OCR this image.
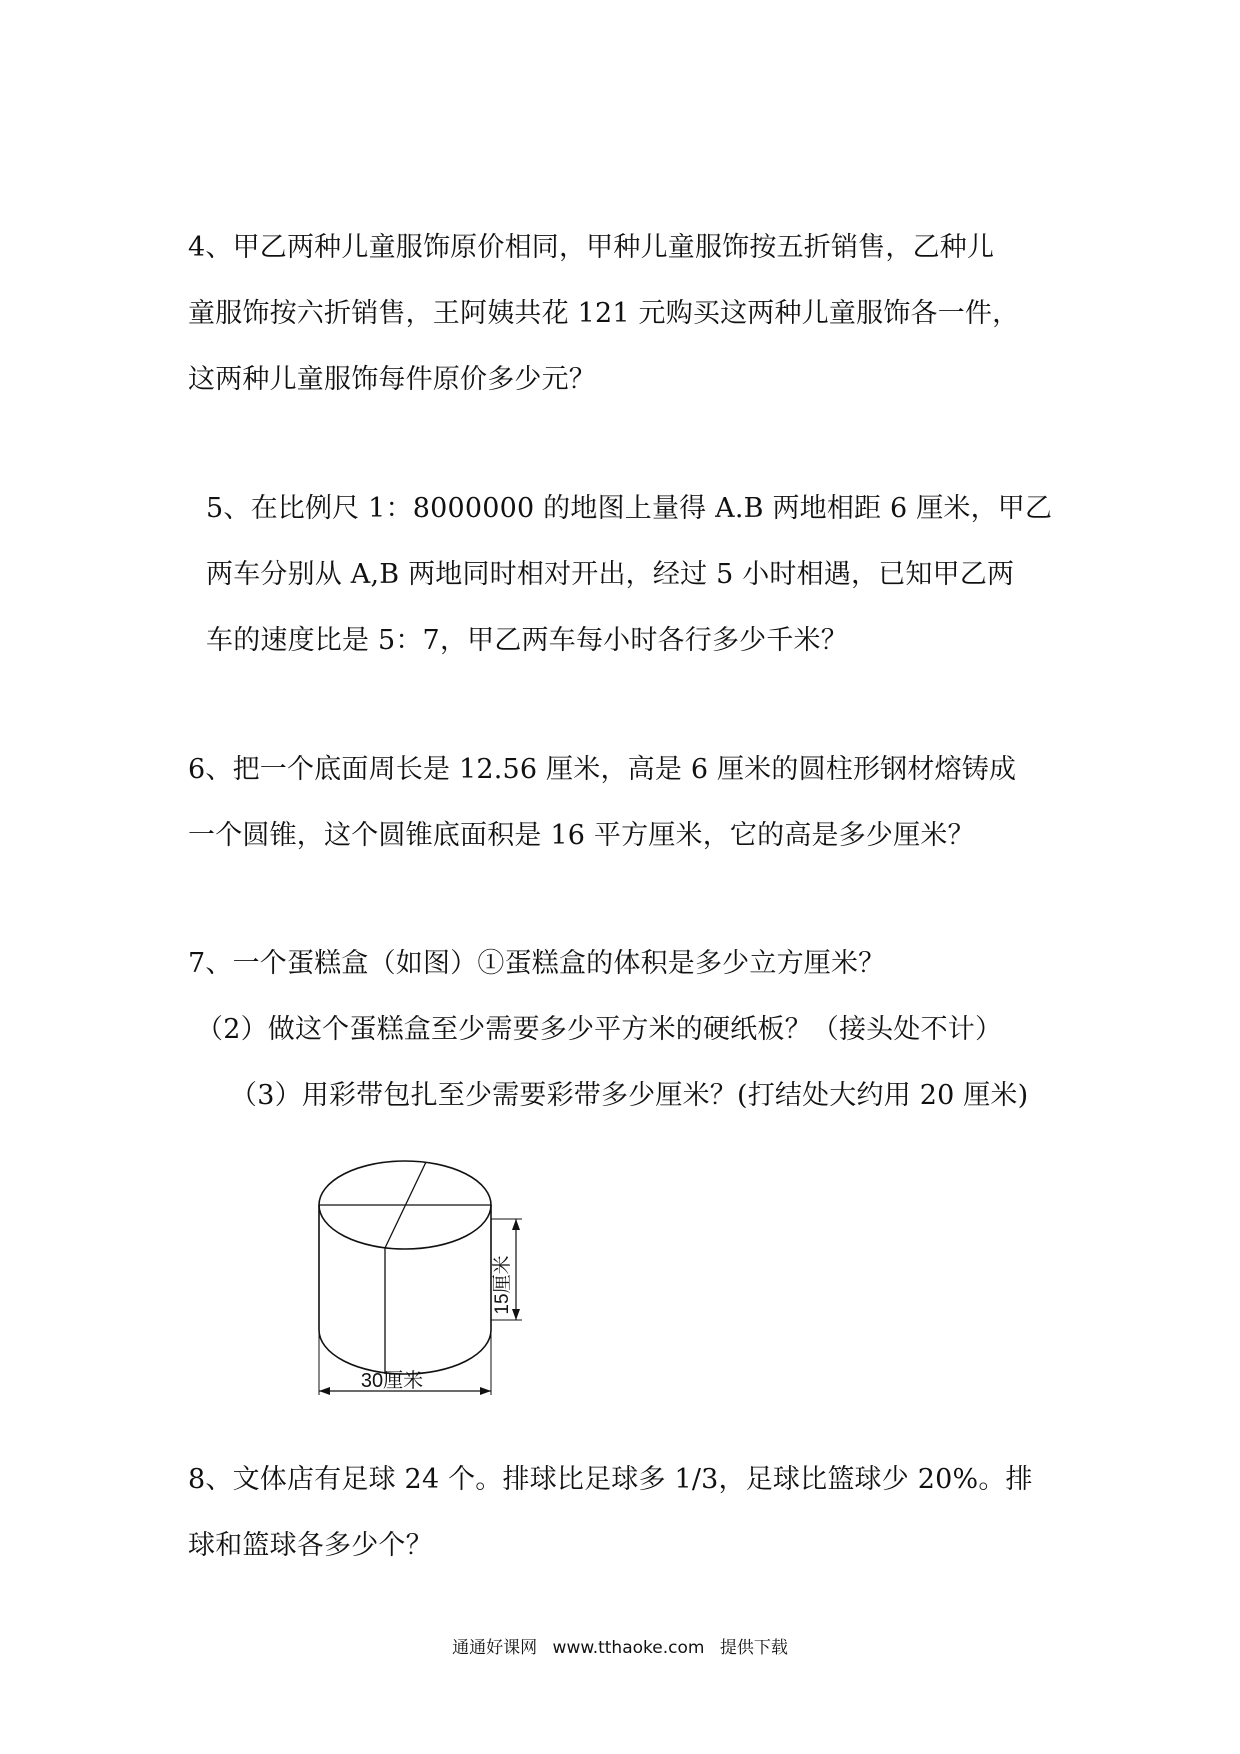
4、甲乙两种儿童服饰原价相同，甲种儿童服饰按五折销售，乙种儿
童服饰按六折销售，王阿姨共花 121 元购买这两种儿童服饰各一件，
这两种儿童服饰每件原价多少元？
5、在比例尺 1：8000000 的地图上量得 A.B 两地相距 6 厘米，甲乙
两车分别从 A,B 两地同时相对开出，经过 5 小时相遇，已知甲乙两
车的速度比是 5：7，甲乙两车每小时各行多少千米？
6、把一个底面周长是 12.56 厘米，高是 6 厘米的圆柱形钢材熔铸成
一个圆锥，这个圆锥底面积是 16 平方厘米，它的高是多少厘米？
7、一个蛋糕盒（如图）①蛋糕盒的体积是多少立方厘米？
（2）做这个蛋糕盒至少需要多少平方米的硬纸板？（接头处不计）
（3）用彩带包扎至少需要彩带多少厘米？(打结处大约用 20 厘米)
15厘米
30厘米
8、文体店有足球 24 个。排球比足球多 1/3，足球比篮球少 20%。排
球和篮球各多少个？
通通好课网 www.tthaoke.com 提供下载
